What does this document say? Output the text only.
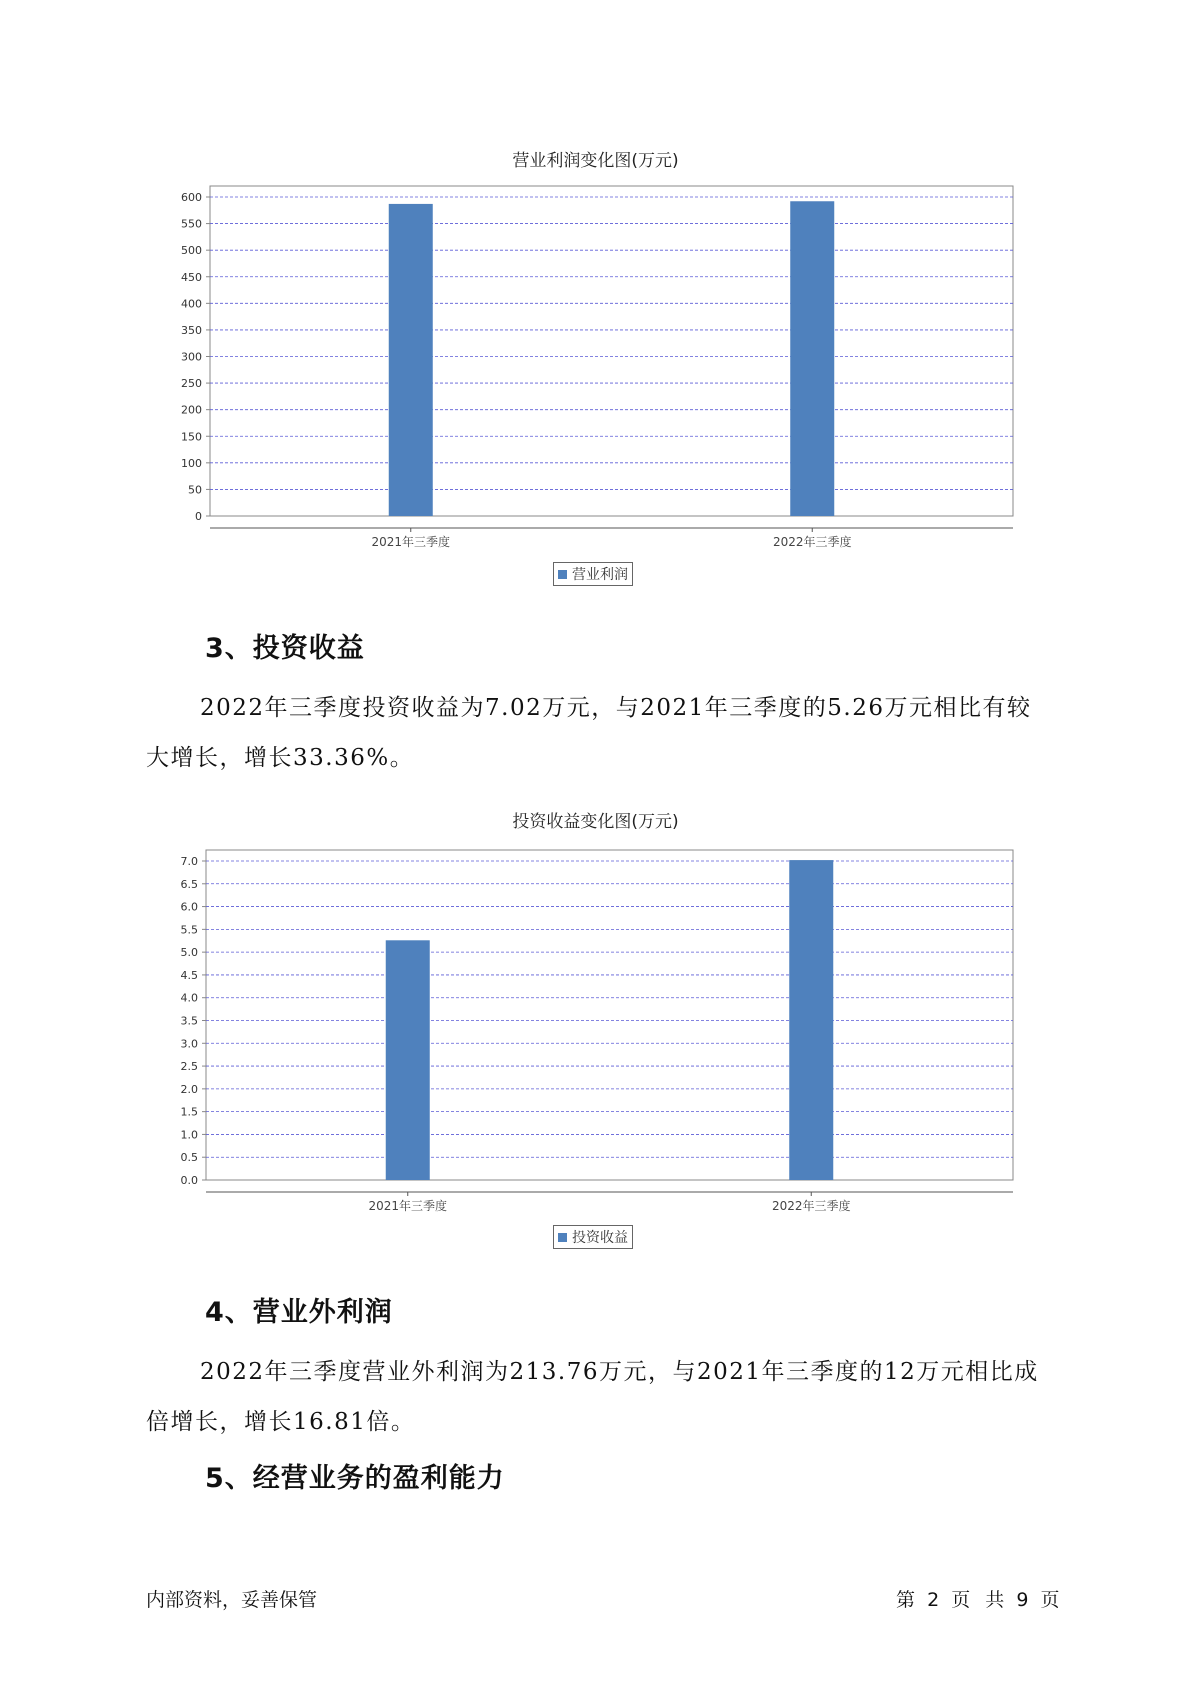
营业利润变化图(万元)
0
50
100
150
200
250
300
350
400
450
500
550
600
2021年三季度	2022年三季度
营业利润
3、投资收益
2022年三季度投资收益为7.02万元，与2021年三季度的5.26万元相比有较大增长，增长33.36%。
投资收益变化图(万元)
0.0
0.5
1.0
1.5
2.0
2.5
3.0
3.5
4.0
4.5
5.0
5.5
6.0
6.5
7.0
2021年三季度	2022年三季度
投资收益
4、营业外利润
2022年三季度营业外利润为213.76万元，与2021年三季度的12万元相比成倍增长，增长16.81倍。
5、经营业务的盈利能力
内部资料，妥善保管	第 2 页  共 9 页
